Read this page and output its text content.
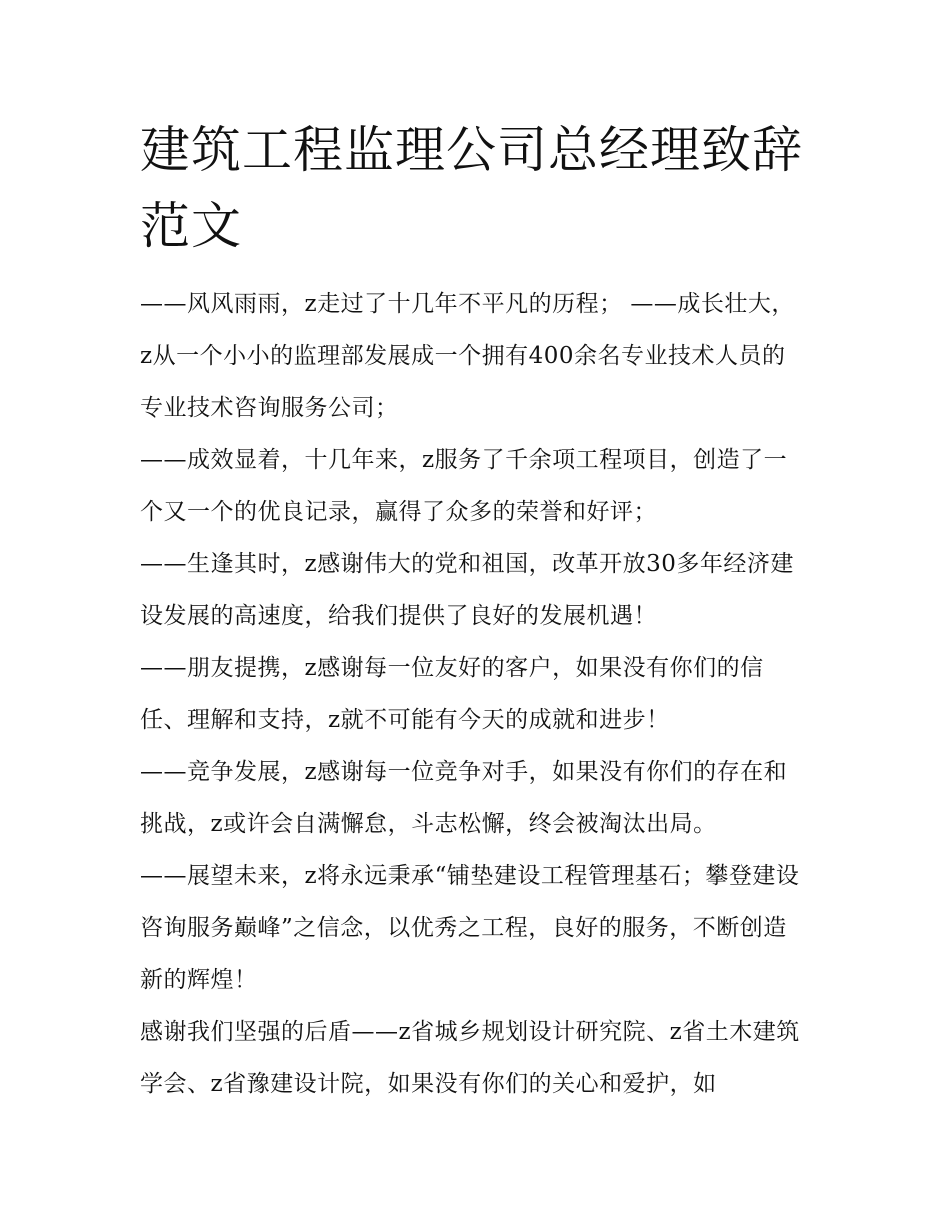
建筑工程监理公司总经理致辞范文

——风风雨雨，z走过了十几年不平凡的历程； ——成长壮大，z从一个小小的监理部发展成一个拥有400余名专业技术人员的专业技术咨询服务公司；

——成效显着，十几年来，z服务了千余项工程项目，创造了一个又一个的优良记录，赢得了众多的荣誉和好评；

——生逢其时，z感谢伟大的党和祖国，改革开放30多年经济建设发展的高速度，给我们提供了良好的发展机遇！

——朋友提携，z感谢每一位友好的客户，如果没有你们的信任、理解和支持，z就不可能有今天的成就和进步！

——竞争发展，z感谢每一位竞争对手，如果没有你们的存在和挑战，z或许会自满懈怠，斗志松懈，终会被淘汰出局。

——展望未来，z将永远秉承“铺垫建设工程管理基石；攀登建设咨询服务巅峰”之信念，以优秀之工程，良好的服务，不断创造新的辉煌！

感谢我们坚强的后盾——z省城乡规划设计研究院、z省土木建筑学会、z省豫建设计院，如果没有你们的关心和爱护，如
